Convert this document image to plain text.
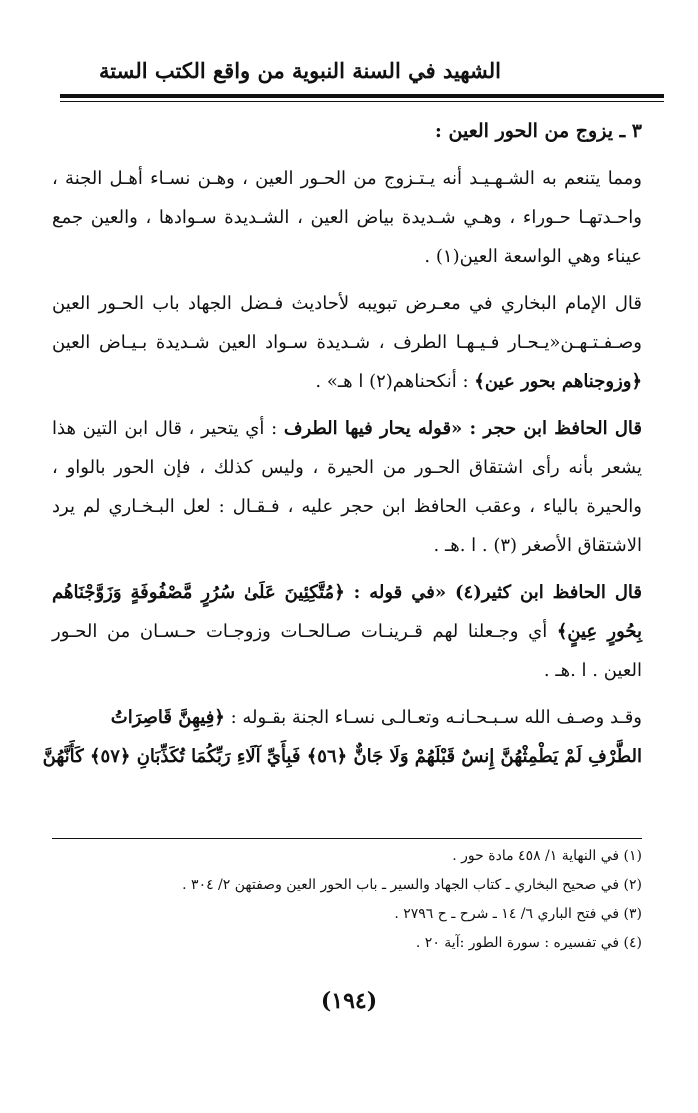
الشهيد في السنة النبوية من واقع الكتب الستة

٣ ـ يزوج من الحور العين :

ومما يتنعم به الشـهـيـد أنه يـتـزوج من الحـور العين ، وهـن نسـاء أهـل الجنة ، واحـدتهـا حـوراء ، وهـي شـديدة بياض العين ، الشـديدة سـوادها ، والعين جمع عيناء وهي الواسعة العين(١) .

قال الإمام البخاري في معـرض تبويبه لأحاديث فـضل الجهاد باب الحـور العين وصـفـتـهـن«يـحـار فـيـهـا الطرف ، شـديدة سـواد العين شـديدة بـيـاض العين ﴿وزوجناهم بحور عين﴾ : أنكحناهم(٢) ا هـ» .

قال الحافظ ابن حجر : «قوله يحار فيها الطرف : أي يتحير ، قال ابن التين هذا يشعر بأنه رأى اشتقاق الحـور من الحيرة ، وليس كذلك ، فإن الحور بالواو ، والحيرة بالياء ، وعقب الحافظ ابن حجر عليه ، فـقـال : لعل البـخـاري لم يرد الاشتقاق الأصغر (٣) . ا .هـ .

قال الحافظ ابن كثير(٤) «في قوله : ﴿مُتَّكِئِينَ عَلَىٰ سُرُرٍ مَّصْفُوفَةٍ وَزَوَّجْنَاهُم بِحُورٍ عِينٍ﴾ أي وجـعلنا لهم قـرينـات صـالحـات وزوجـات حـسـان من الحـور العين . ا .هـ .

وقـد وصـف الله سـبـحـانـه وتعـالـى نسـاء الجنة بقـوله : ﴿فِيهِنَّ قَاصِرَاتُ

الطَّرْفِ لَمْ يَطْمِثْهُنَّ إِنسٌ قَبْلَهُمْ وَلَا جَانٌّ ﴿٥٦﴾ فَبِأَيِّ آلَاءِ رَبِّكُمَا تُكَذِّبَانِ ﴿٥٧﴾ كَأَنَّهُنَّ

(١) في النهاية ١/ ٤٥٨ مادة حور .

(٢) في صحيح البخاري ـ كتاب الجهاد والسير ـ باب الحور العين وصفتهن ٢/ ٣٠٤ .

(٣) في فتح الباري ٦/ ١٤ ـ شرح ـ ح ٢٧٩٦ .

(٤) في تفسيره : سورة الطور :آية ٢٠ .

(١٩٤)
